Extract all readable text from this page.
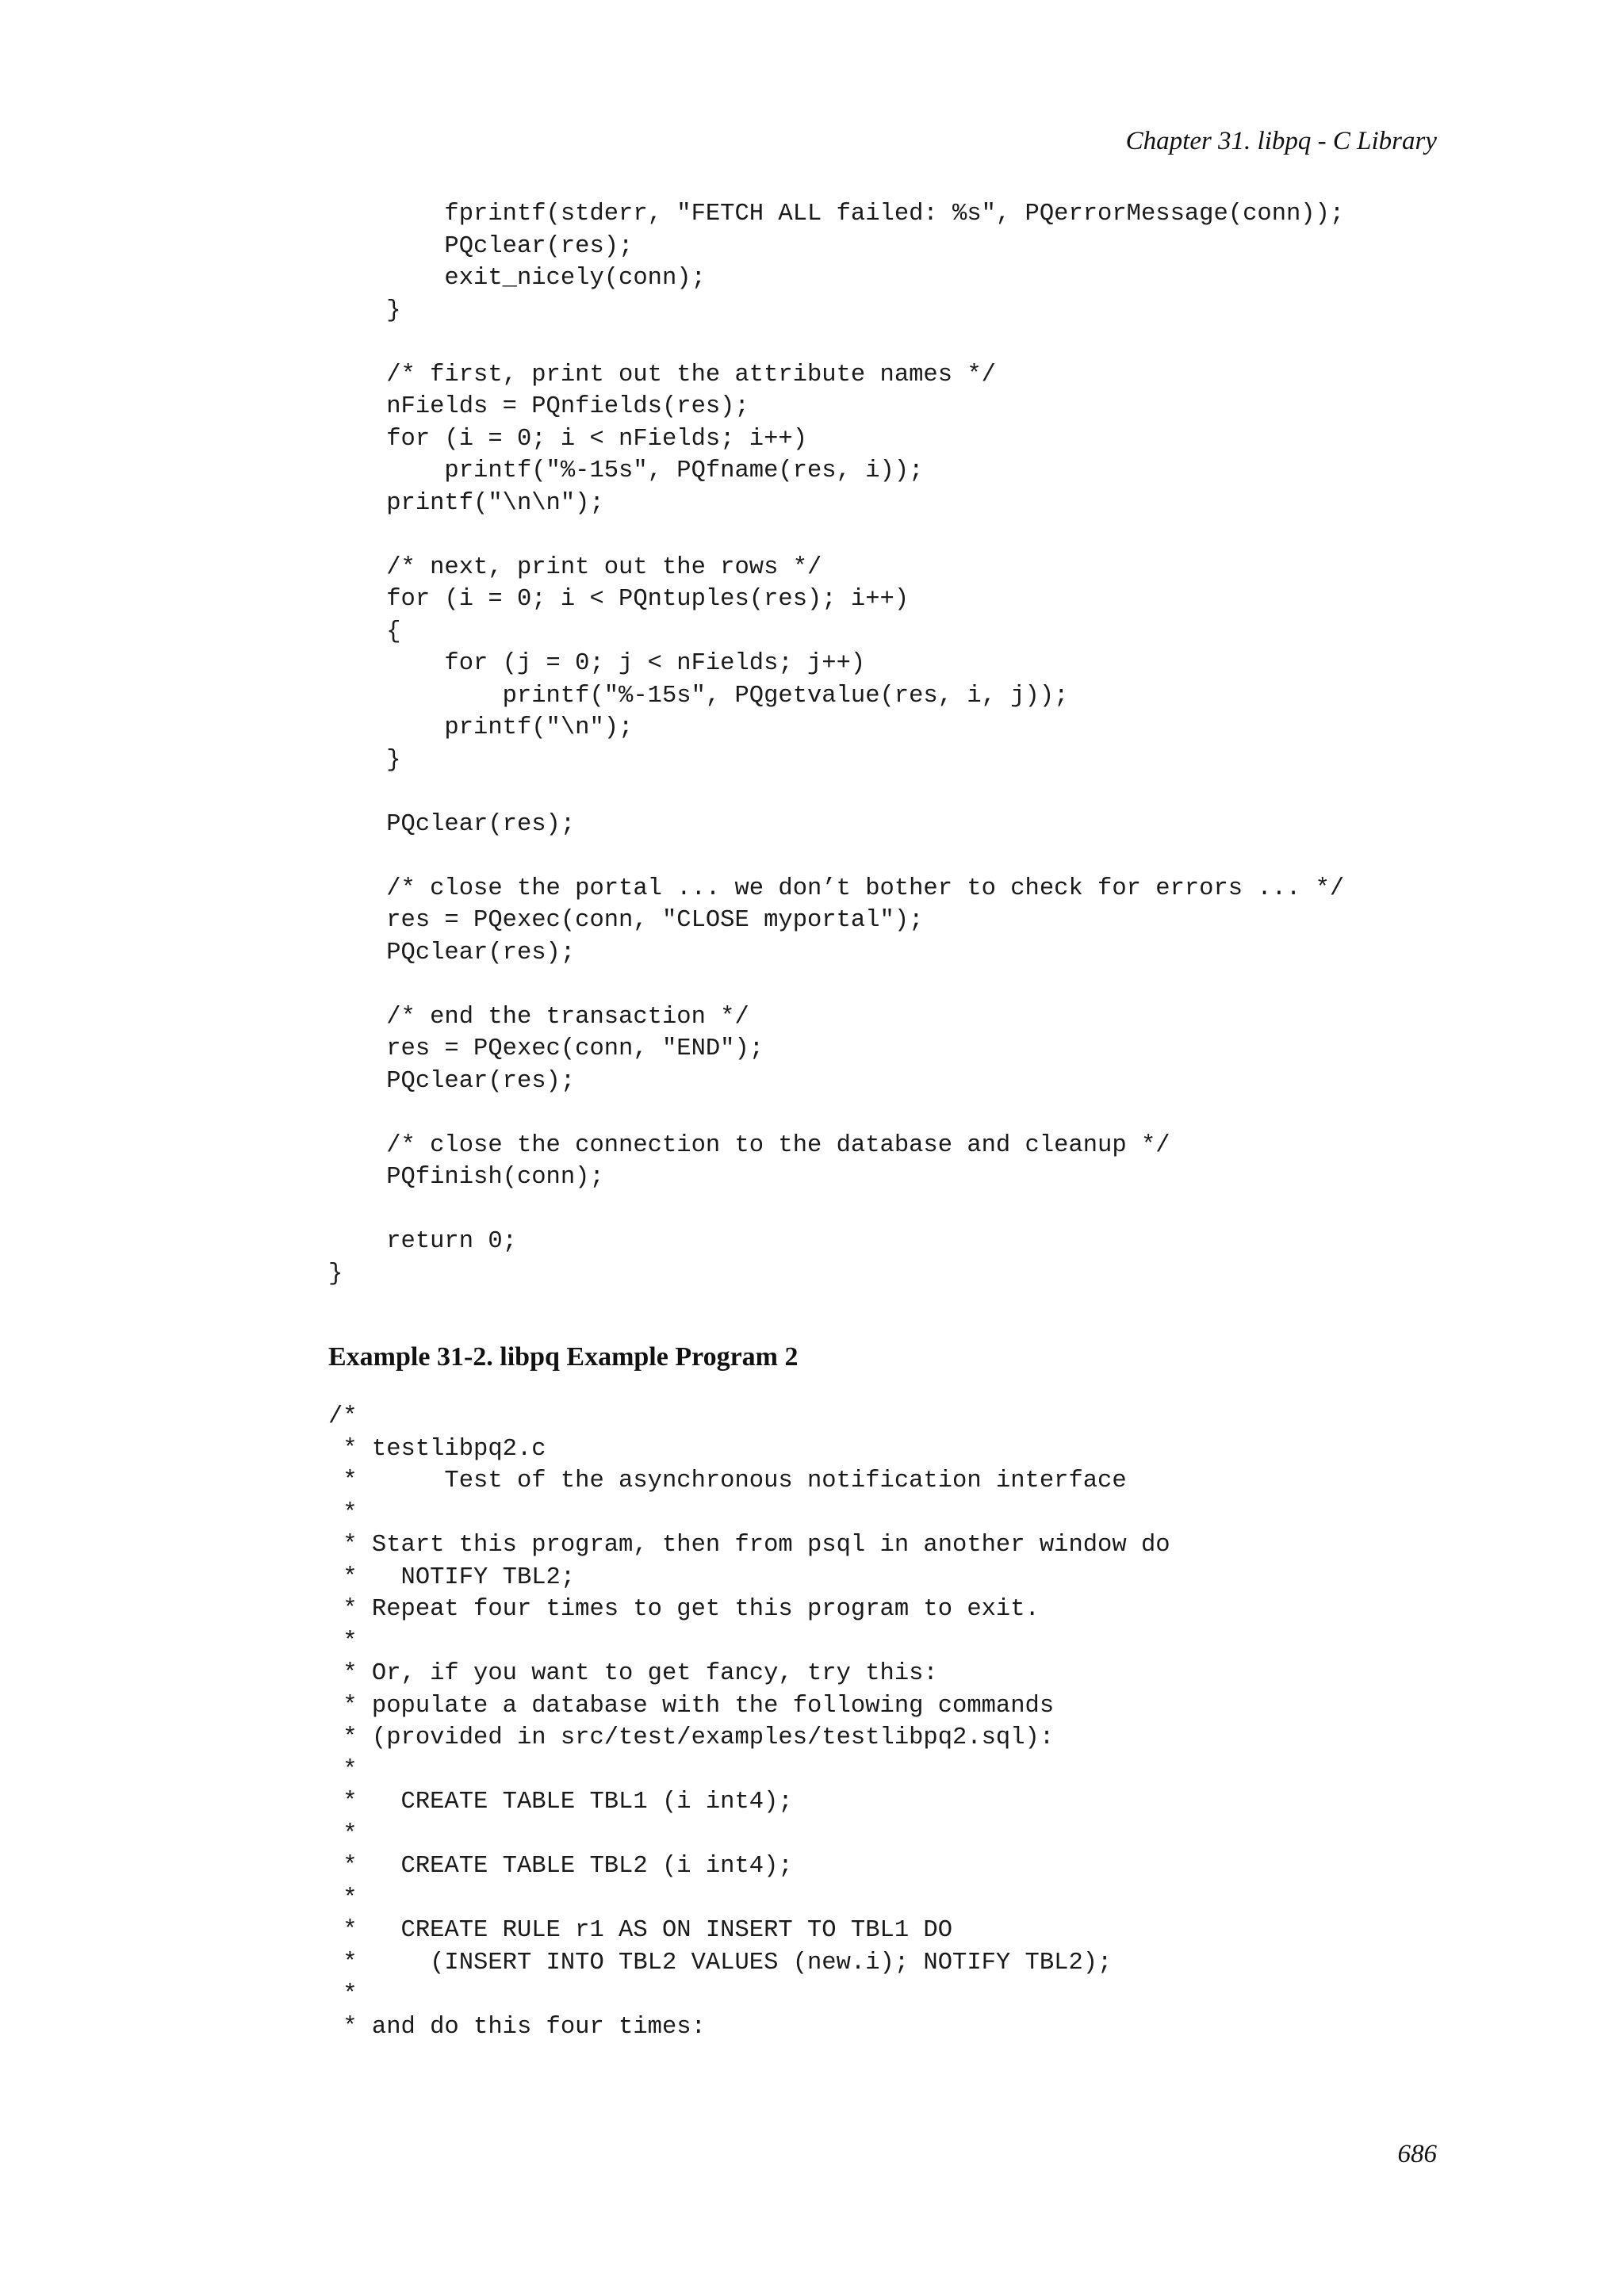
Chapter 31. libpq - C Library
fprintf(stderr, "FETCH ALL failed: %s", PQerrorMessage(conn));
PQclear(res);
exit_nicely(conn);
}

/* first, print out the attribute names */
nFields = PQnfields(res);
for (i = 0; i < nFields; i++)
printf("%-15s", PQfname(res, i));
printf("\n\n");

/* next, print out the rows */
for (i = 0; i < PQntuples(res); i++)
{
for (j = 0; j < nFields; j++)
printf("%-15s", PQgetvalue(res, i, j));
printf("\n");
}

PQclear(res);

/* close the portal ... we don’t bother to check for errors ... */
res = PQexec(conn, "CLOSE myportal");
PQclear(res);

/* end the transaction */
res = PQexec(conn, "END");
PQclear(res);

/* close the connection to the database and cleanup */
PQfinish(conn);

return 0;
}
Example 31-2. libpq Example Program 2
/*
* testlibpq2.c
*      Test of the asynchronous notification interface
*
* Start this program, then from psql in another window do
*   NOTIFY TBL2;
* Repeat four times to get this program to exit.
*
* Or, if you want to get fancy, try this:
* populate a database with the following commands
* (provided in src/test/examples/testlibpq2.sql):
*
*   CREATE TABLE TBL1 (i int4);
*
*   CREATE TABLE TBL2 (i int4);
*
*   CREATE RULE r1 AS ON INSERT TO TBL1 DO
*     (INSERT INTO TBL2 VALUES (new.i); NOTIFY TBL2);
*
* and do this four times:
686
